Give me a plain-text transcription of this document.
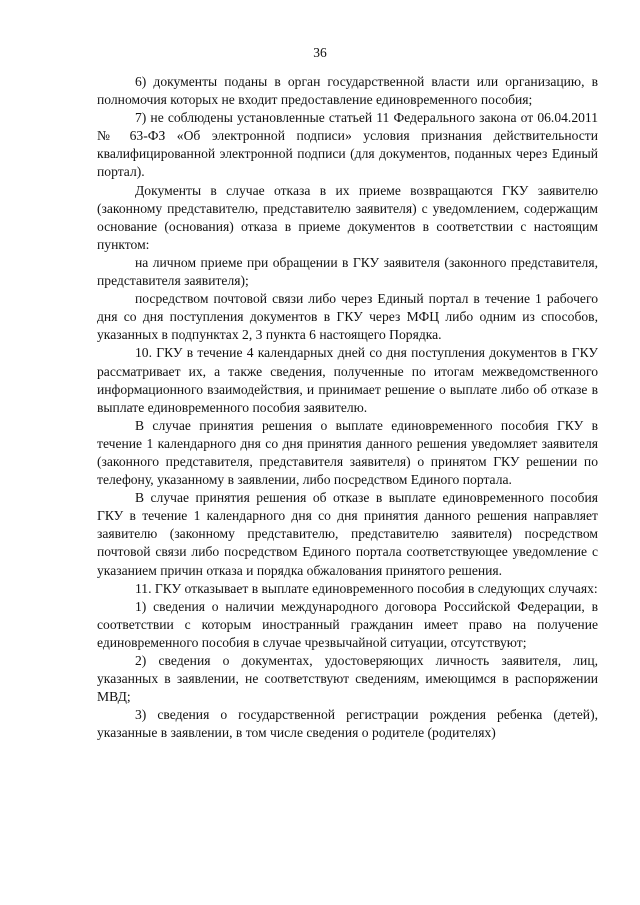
36

6) документы поданы в орган государственной власти или организацию, в полномочия которых не входит предоставление единовременного пособия;

7) не соблюдены установленные статьей 11 Федерального закона от 06.04.2011 № 63-ФЗ «Об электронной подписи» условия признания действительности квалифицированной электронной подписи (для документов, поданных через Единый портал).

Документы в случае отказа в их приеме возвращаются ГКУ заявителю (законному представителю, представителю заявителя) с уведомлением, содержащим основание (основания) отказа в приеме документов в соответствии с настоящим пунктом:

на личном приеме при обращении в ГКУ заявителя (законного представителя, представителя заявителя);

посредством почтовой связи либо через Единый портал в течение 1 рабочего дня со дня поступления документов в ГКУ через МФЦ либо одним из способов, указанных в подпунктах 2, 3 пункта 6 настоящего Порядка.

10. ГКУ в течение 4 календарных дней со дня поступления документов в ГКУ рассматривает их, а также сведения, полученные по итогам межведомственного информационного взаимодействия, и принимает решение о выплате либо об отказе в выплате единовременного пособия заявителю.

В случае принятия решения о выплате единовременного пособия ГКУ в течение 1 календарного дня со дня принятия данного решения уведомляет заявителя (законного представителя, представителя заявителя) о принятом ГКУ решении по телефону, указанному в заявлении, либо посредством Единого портала.

В случае принятия решения об отказе в выплате единовременного пособия ГКУ в течение 1 календарного дня со дня принятия данного решения направляет заявителю (законному представителю, представителю заявителя) посредством почтовой связи либо посредством Единого портала соответствующее уведомление с указанием причин отказа и порядка обжалования принятого решения.

11. ГКУ отказывает в выплате единовременного пособия в следующих случаях:

1) сведения о наличии международного договора Российской Федерации, в соответствии с которым иностранный гражданин имеет право на получение единовременного пособия в случае чрезвычайной ситуации, отсутствуют;

2) сведения о документах, удостоверяющих личность заявителя, лиц, указанных в заявлении, не соответствуют сведениям, имеющимся в распоряжении МВД;

3) сведения о государственной регистрации рождения ребенка (детей), указанные в заявлении, в том числе сведения о родителе (родителях)
